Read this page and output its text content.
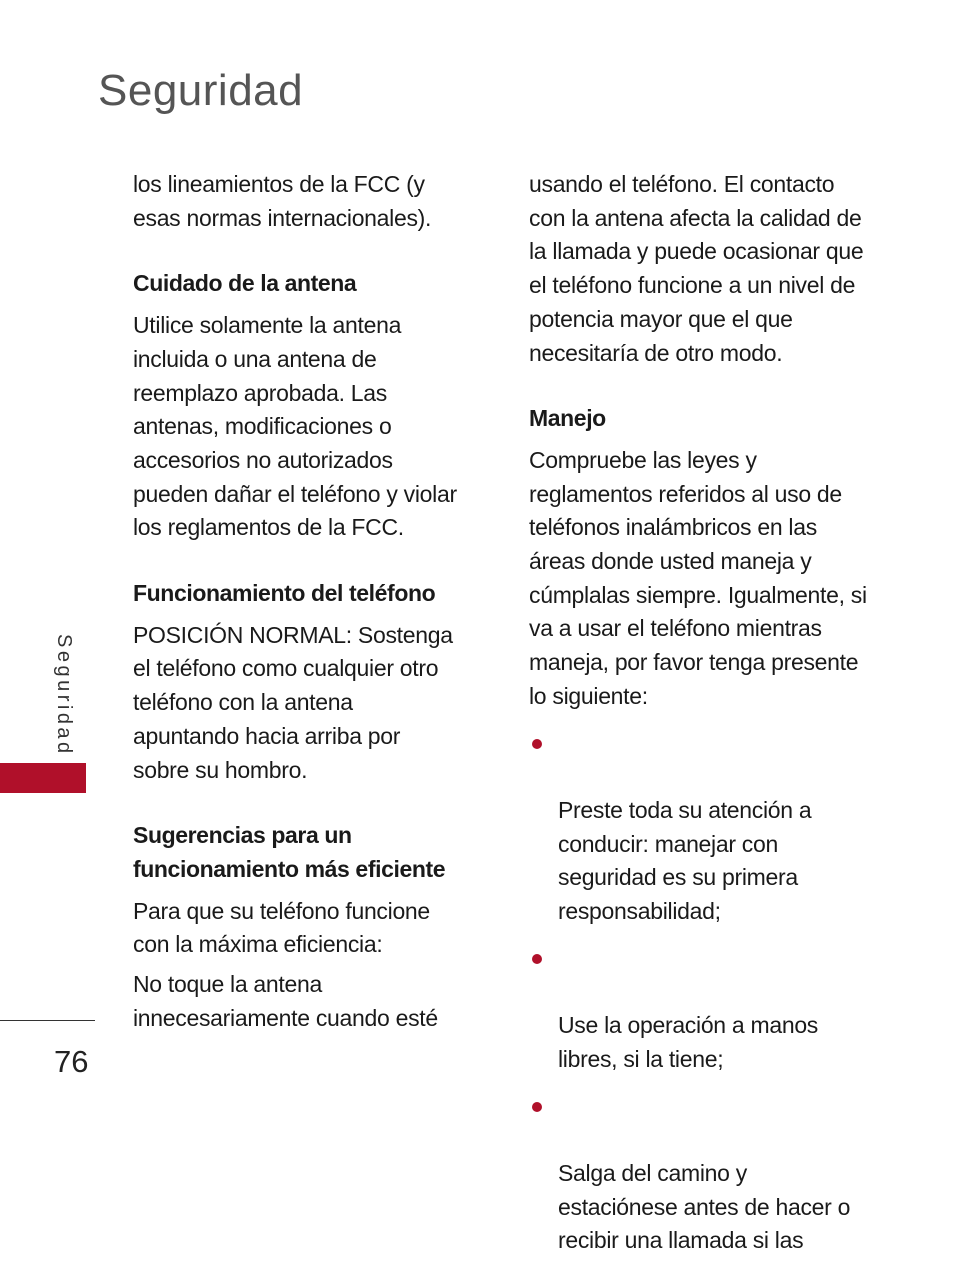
Seguridad

los lineamientos de la FCC (y
esas normas internacionales).

Cuidado de la antena

Utilice solamente la antena
incluida o una antena de
reemplazo aprobada. Las
antenas, modificaciones o
accesorios no autorizados
pueden dañar el teléfono y violar
los reglamentos de la FCC.

Funcionamiento del teléfono

POSICIÓN NORMAL: Sostenga
el teléfono como cualquier otro
teléfono con la antena
apuntando hacia arriba por
sobre su hombro.

Sugerencias para un
funcionamiento más eficiente

Para que su teléfono funcione
con la máxima eficiencia:

No toque la antena
innecesariamente cuando esté

usando el teléfono. El contacto
con la antena afecta la calidad de
la llamada y puede ocasionar que
el teléfono funcione a un nivel de
potencia mayor que el que
necesitaría de otro modo.

Manejo

Compruebe las leyes y
reglamentos referidos al uso de
teléfonos inalámbricos en las
áreas donde usted maneja y
cúmplalas siempre. Igualmente, si
va a usar el teléfono mientras
maneja, por favor tenga presente
lo siguiente:

Preste toda su atención a
conducir: manejar con
seguridad es su primera
responsabilidad;

Use la operación a manos
libres, si la tiene;

Salga del camino y
estaciónese antes de hacer o
recibir una llamada si las

Seguridad
76
